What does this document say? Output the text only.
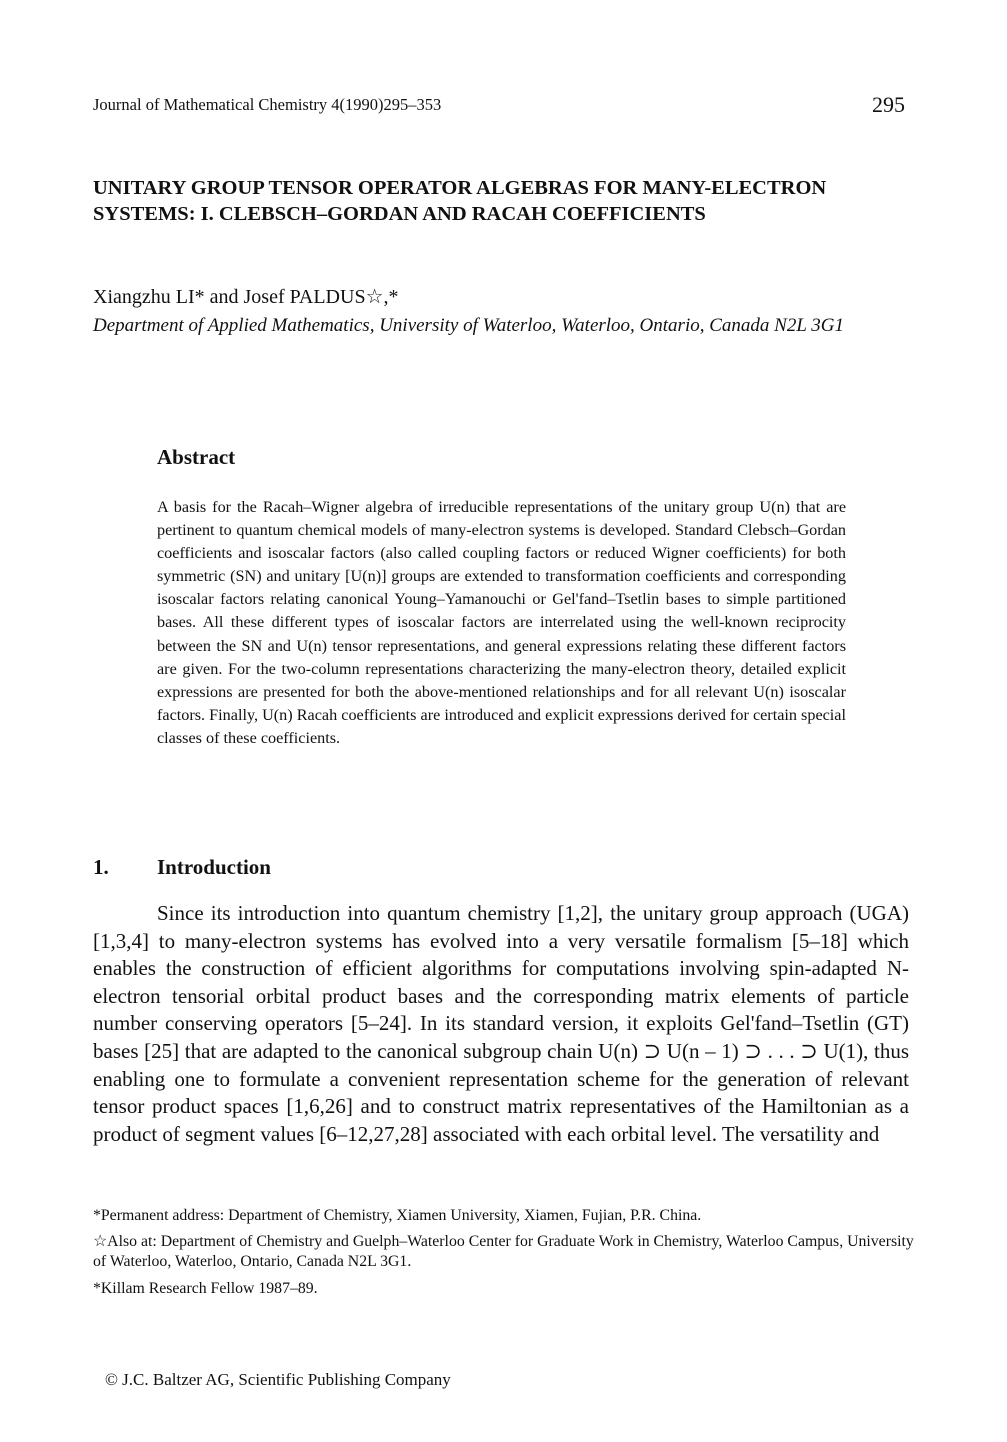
Journal of Mathematical Chemistry 4(1990)295–353	295
UNITARY GROUP TENSOR OPERATOR ALGEBRAS FOR MANY-ELECTRON SYSTEMS: I. CLEBSCH–GORDAN AND RACAH COEFFICIENTS
Xiangzhu LI* and Josef PALDUS☆,*
Department of Applied Mathematics, University of Waterloo, Waterloo, Ontario, Canada N2L 3G1
Abstract
A basis for the Racah–Wigner algebra of irreducible representations of the unitary group U(n) that are pertinent to quantum chemical models of many-electron systems is developed. Standard Clebsch–Gordan coefficients and isoscalar factors (also called coupling factors or reduced Wigner coefficients) for both symmetric (SN) and unitary [U(n)] groups are extended to transformation coefficients and corresponding isoscalar factors relating canonical Young–Yamanouchi or Gel'fand–Tsetlin bases to simple partitioned bases. All these different types of isoscalar factors are interrelated using the well-known reciprocity between the SN and U(n) tensor representations, and general expressions relating these different factors are given. For the two-column representations characterizing the many-electron theory, detailed explicit expressions are presented for both the above-mentioned relationships and for all relevant U(n) isoscalar factors. Finally, U(n) Racah coefficients are introduced and explicit expressions derived for certain special classes of these coefficients.
1. Introduction
Since its introduction into quantum chemistry [1,2], the unitary group approach (UGA) [1,3,4] to many-electron systems has evolved into a very versatile formalism [5–18] which enables the construction of efficient algorithms for computations involving spin-adapted N-electron tensorial orbital product bases and the corresponding matrix elements of particle number conserving operators [5–24]. In its standard version, it exploits Gel'fand–Tsetlin (GT) bases [25] that are adapted to the canonical subgroup chain U(n) ⊃ U(n – 1) ⊃ . . . ⊃ U(1), thus enabling one to formulate a convenient representation scheme for the generation of relevant tensor product spaces [1,6,26] and to construct matrix representatives of the Hamiltonian as a product of segment values [6–12,27,28] associated with each orbital level. The versatility and
*Permanent address: Department of Chemistry, Xiamen University, Xiamen, Fujian, P.R. China.
☆Also at: Department of Chemistry and Guelph–Waterloo Center for Graduate Work in Chemistry, Waterloo Campus, University of Waterloo, Waterloo, Ontario, Canada N2L 3G1.
*Killam Research Fellow 1987–89.
© J.C. Baltzer AG, Scientific Publishing Company
